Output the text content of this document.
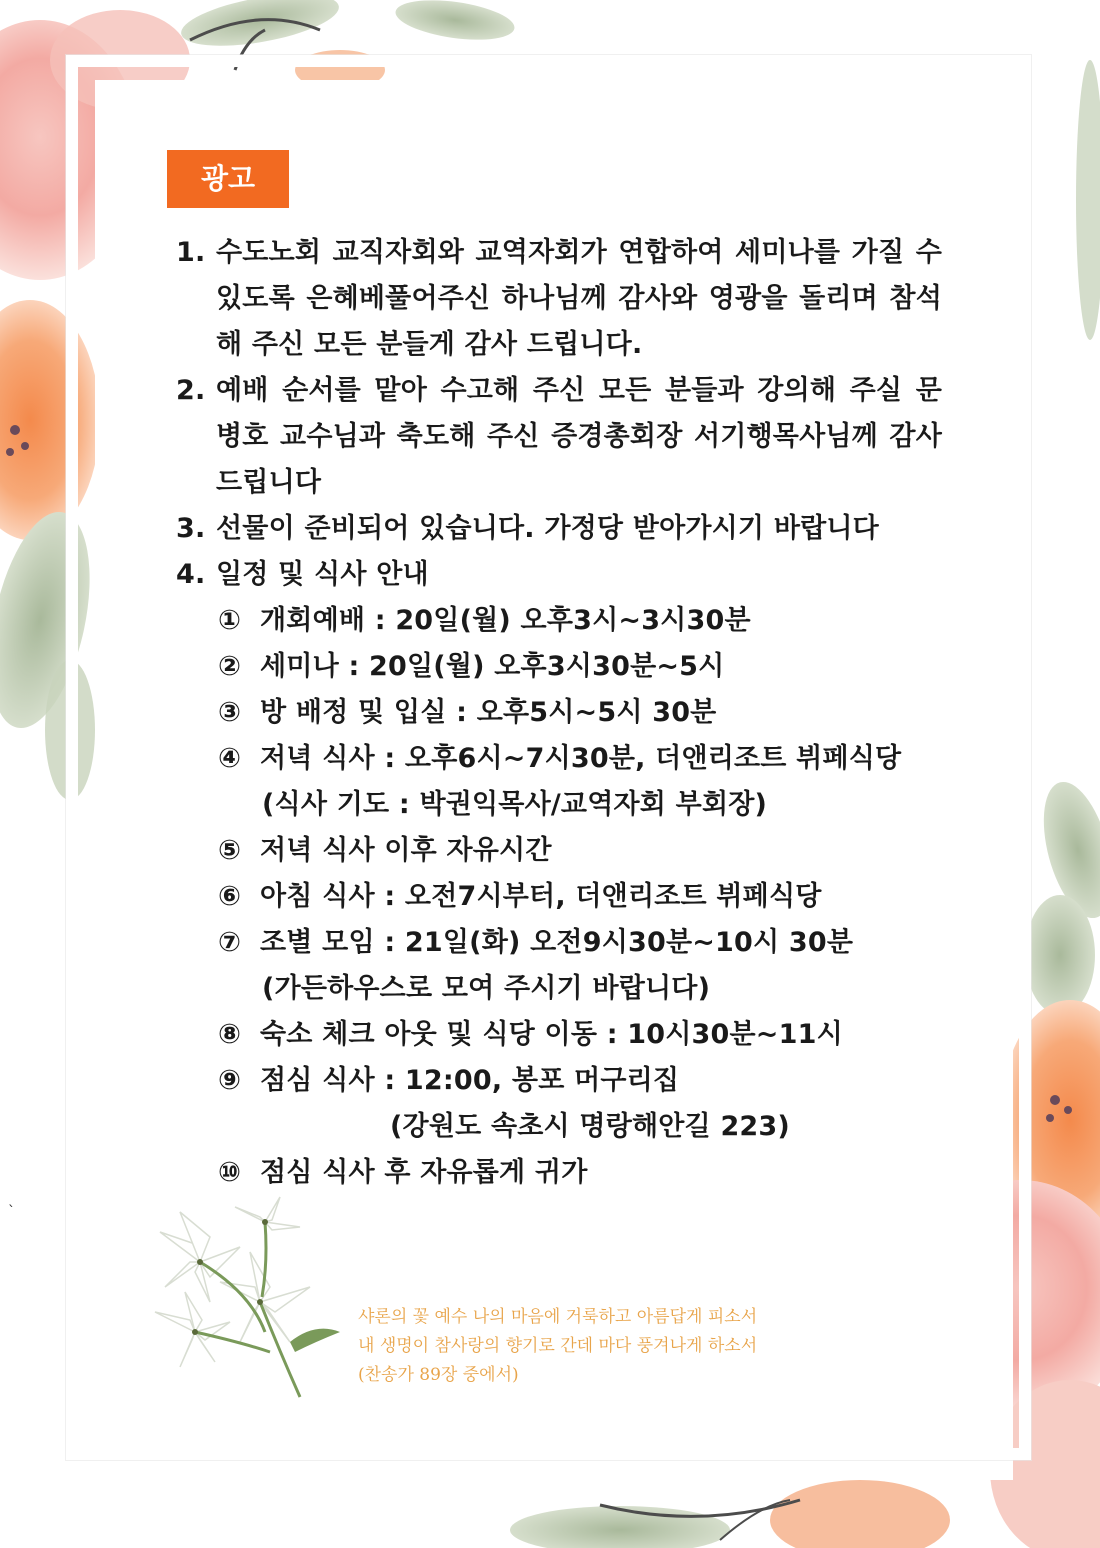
광고
1. 수도노회 교직자회와 교역자회가 연합하여 세미나를 가질 수
있도록 은혜베풀어주신 하나님께 감사와 영광을 돌리며 참석
해 주신 모든 분들게 감사 드립니다.
2. 예배 순서를 맡아 수고해 주신 모든 분들과 강의해 주실 문
병호 교수님과 축도해 주신 증경총회장 서기행목사님께 감사
드립니다
3. 선물이 준비되어 있습니다. 가정당 받아가시기 바랍니다
4. 일정 및 식사 안내
① 개회예배 : 20일(월) 오후3시~3시30분
② 세미나 : 20일(월) 오후3시30분~5시
③ 방 배정 및 입실 : 오후5시~5시 30분
④ 저녁 식사 : 오후6시~7시30분, 더앤리조트 뷔페식당
(식사 기도 : 박권익목사/교역자회 부회장)
⑤ 저녁 식사 이후 자유시간
⑥ 아침 식사 : 오전7시부터, 더앤리조트 뷔페식당
⑦ 조별 모임 : 21일(화) 오전9시30분~10시 30분
(가든하우스로 모여 주시기 바랍니다)
⑧ 숙소 체크 아웃 및 식당 이동 : 10시30분~11시
⑨ 점심 식사 : 12:00, 봉포 머구리집
(강원도 속초시 명랑해안길 223)
⑩ 점심 식사 후 자유롭게 귀가
샤론의 꽃 예수 나의 마음에 거룩하고 아름답게 피소서
내 생명이 참사랑의 향기로 간데 마다 풍겨나게 하소서
(찬송가 89장 중에서)
`
